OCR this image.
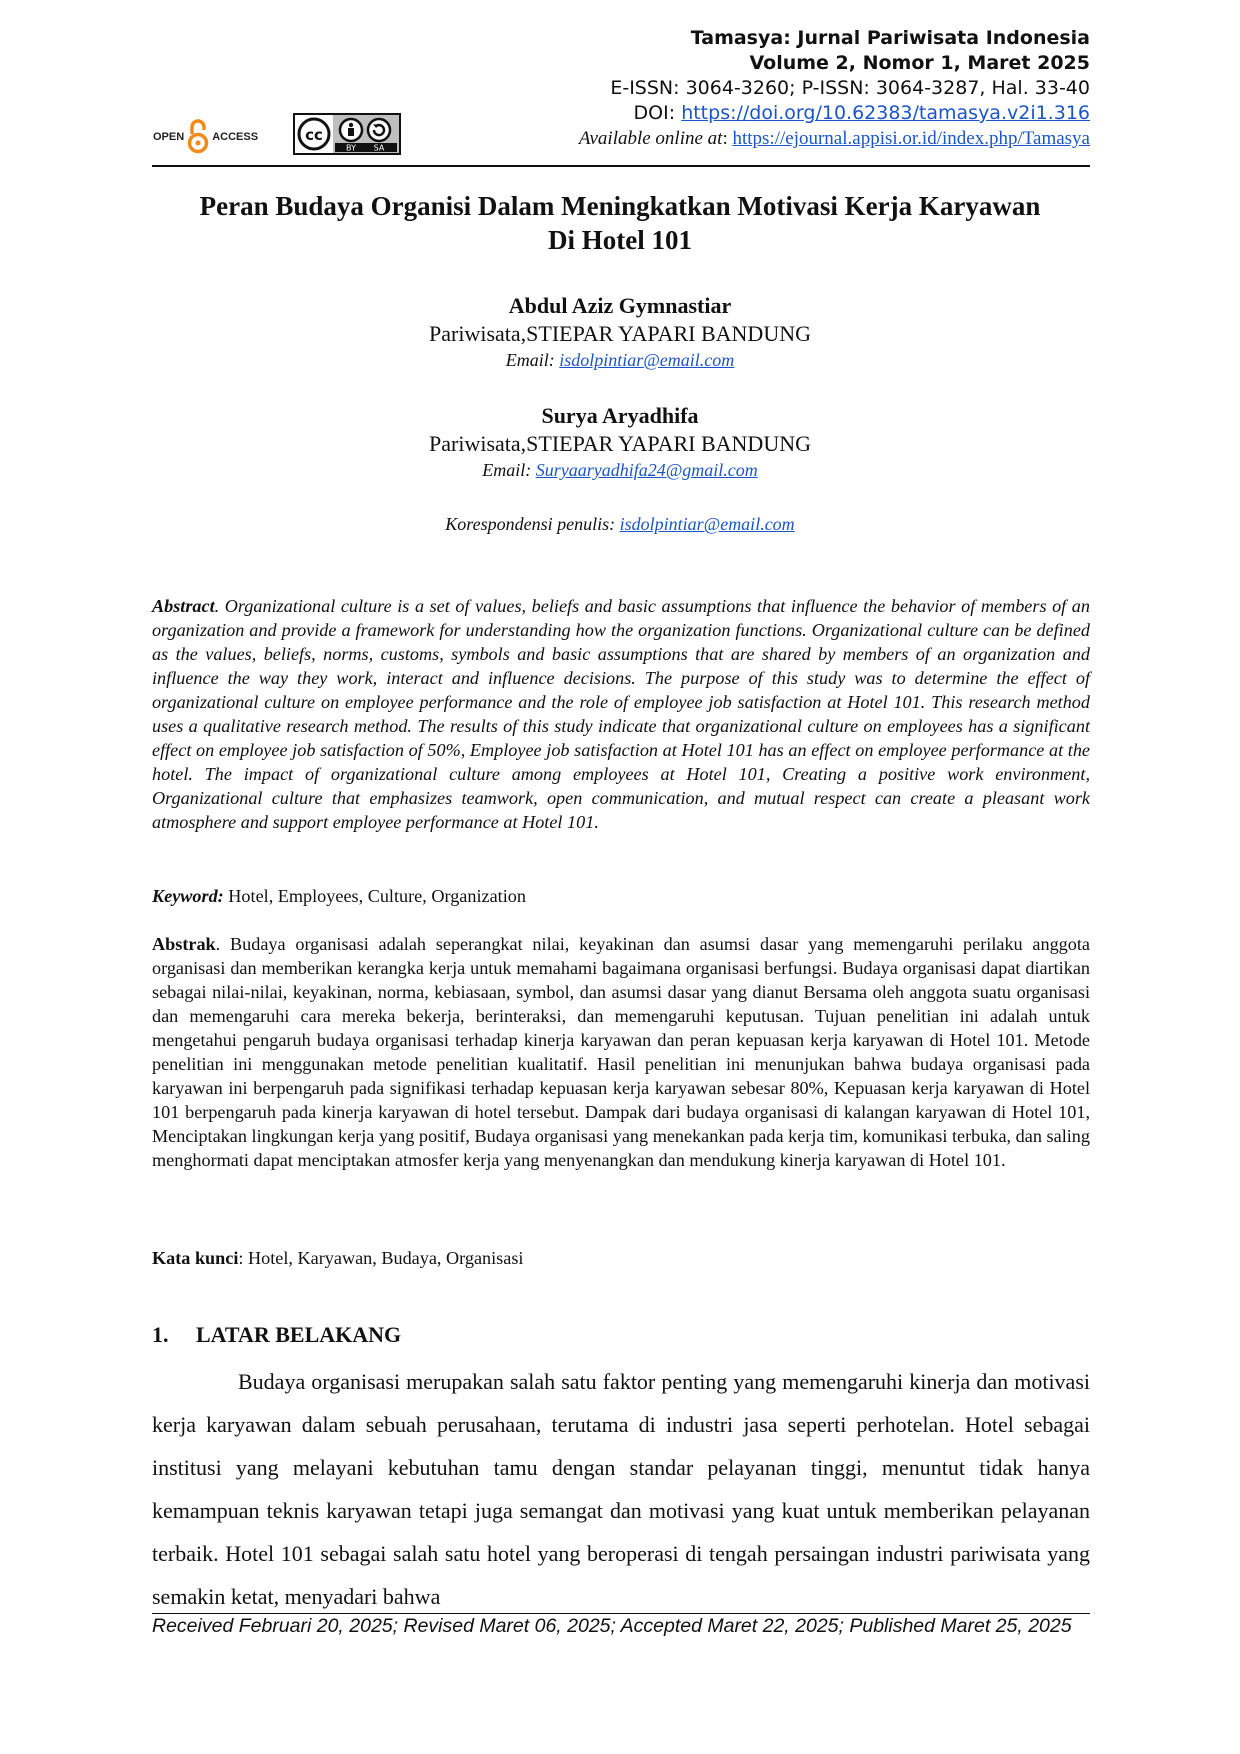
Tamasya: Jurnal Pariwisata Indonesia
Volume 2, Nomor 1, Maret 2025
E-ISSN: 3064-3260; P-ISSN: 3064-3287, Hal. 33-40
DOI: https://doi.org/10.62383/tamasya.v2i1.316
Available online at: https://ejournal.appisi.or.id/index.php/Tamasya
OPEN	ACCESS	cc
BY SA
Peran Budaya Organisi Dalam Meningkatkan Motivasi Kerja Karyawan
Di Hotel 101
Abdul Aziz Gymnastiar
Pariwisata,STIEPAR YAPARI BANDUNG
Email: isdolpintiar@email.com
Surya Aryadhifa
Pariwisata,STIEPAR YAPARI BANDUNG
Email: Suryaaryadhifa24@gmail.com
Korespondensi penulis: isdolpintiar@email.com
Abstract. Organizational culture is a set of values, beliefs and basic assumptions that influence the behavior of members of an organization and provide a framework for understanding how the organization functions. Organizational culture can be defined as the values, beliefs, norms, customs, symbols and basic assumptions that are shared by members of an organization and influence the way they work, interact and influence decisions. The purpose of this study was to determine the effect of organizational culture on employee performance and the role of employee job satisfaction at Hotel 101. This research method uses a qualitative research method. The results of this study indicate that organizational culture on employees has a significant effect on employee job satisfaction of 50%, Employee job satisfaction at Hotel 101 has an effect on employee performance at the hotel. The impact of organizational culture among employees at Hotel 101, Creating a positive work environment, Organizational culture that emphasizes teamwork, open communication, and mutual respect can create a pleasant work atmosphere and support employee performance at Hotel 101.
Keyword: Hotel, Employees, Culture, Organization
Abstrak. Budaya organisasi adalah seperangkat nilai, keyakinan dan asumsi dasar yang memengaruhi perilaku anggota organisasi dan memberikan kerangka kerja untuk memahami bagaimana organisasi berfungsi. Budaya organisasi dapat diartikan sebagai nilai-nilai, keyakinan, norma, kebiasaan, symbol, dan asumsi dasar yang dianut Bersama oleh anggota suatu organisasi dan memengaruhi cara mereka bekerja, berinteraksi, dan memengaruhi keputusan. Tujuan penelitian ini adalah untuk mengetahui pengaruh budaya organisasi terhadap kinerja karyawan dan peran kepuasan kerja karyawan di Hotel 101. Metode penelitian ini menggunakan metode penelitian kualitatif. Hasil penelitian ini menunjukan bahwa budaya organisasi pada karyawan ini berpengaruh pada signifikasi terhadap kepuasan kerja karyawan sebesar 80%, Kepuasan kerja karyawan di Hotel 101 berpengaruh pada kinerja karyawan di hotel tersebut. Dampak dari budaya organisasi di kalangan karyawan di Hotel 101, Menciptakan lingkungan kerja yang positif, Budaya organisasi yang menekankan pada kerja tim, komunikasi terbuka, dan saling menghormati dapat menciptakan atmosfer kerja yang menyenangkan dan mendukung kinerja karyawan di Hotel 101.
Kata kunci: Hotel, Karyawan, Budaya, Organisasi
1. LATAR BELAKANG
Budaya organisasi merupakan salah satu faktor penting yang memengaruhi kinerja dan motivasi kerja karyawan dalam sebuah perusahaan, terutama di industri jasa seperti perhotelan. Hotel sebagai institusi yang melayani kebutuhan tamu dengan standar pelayanan tinggi, menuntut tidak hanya kemampuan teknis karyawan tetapi juga semangat dan motivasi yang kuat untuk memberikan pelayanan terbaik. Hotel 101 sebagai salah satu hotel yang beroperasi di tengah persaingan industri pariwisata yang semakin ketat, menyadari bahwa
Received Februari 20, 2025; Revised Maret 06, 2025; Accepted Maret 22, 2025; Published Maret 25, 2025
